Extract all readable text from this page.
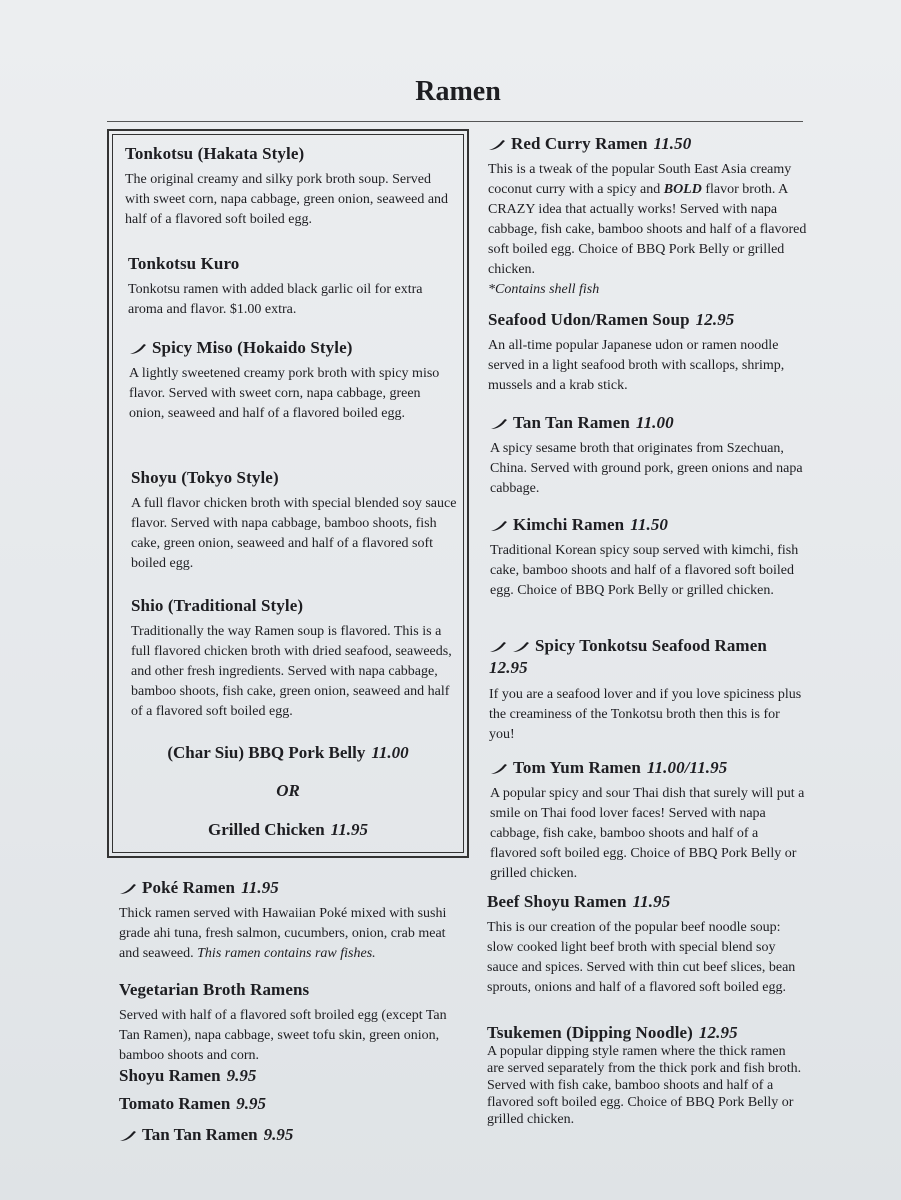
Ramen
Tonkotsu (Hakata Style)

The original creamy and silky pork broth soup. Served with sweet corn, napa cabbage, green onion, seaweed and half of a flavored soft boiled egg.

Tonkotsu Kuro

Tonkotsu ramen with added black garlic oil for extra aroma and flavor. $1.00 extra.

Spicy Miso (Hokaido Style)

A lightly sweetened creamy pork broth with spicy miso flavor. Served with sweet corn, napa cabbage, green onion, seaweed and half of a flavored boiled egg.

Shoyu (Tokyo Style)

A full flavor chicken broth with special blended soy sauce flavor. Served with napa cabbage, bamboo shoots, fish cake, green onion, seaweed and half of a flavored soft boiled egg.

Shio (Traditional Style)

Traditionally the way Ramen soup is flavored. This is a full flavored chicken broth with dried seafood, seaweeds, and other fresh ingredients. Served with napa cabbage, bamboo shoots, fish cake, green onion, seaweed and half of a flavored soft boiled egg.

(Char Siu) BBQ Pork Belly 11.00
OR
Grilled Chicken 11.95
Poké Ramen 11.95

Thick ramen served with Hawaiian Poké mixed with sushi grade ahi tuna, fresh salmon, cucumbers, onion, crab meat and seaweed. This ramen contains raw fishes.

Vegetarian Broth Ramens

Served with half of a flavored soft broiled egg (except Tan Tan Ramen), napa cabbage, sweet tofu skin, green onion, bamboo shoots and corn.

Shoyu Ramen 9.95
Tomato Ramen 9.95
Tan Tan Ramen 9.95
Red Curry Ramen 11.50

This is a tweak of the popular South East Asia creamy coconut curry with a spicy and BOLD flavor broth. A CRAZY idea that actually works! Served with napa cabbage, fish cake, bamboo shoots and half of a flavored soft boiled egg. Choice of BBQ Pork Belly or grilled chicken.
*Contains shell fish

Seafood Udon/Ramen Soup 12.95

An all-time popular Japanese udon or ramen noodle served in a light seafood broth with scallops, shrimp, mussels and a krab stick.

Tan Tan Ramen 11.00

A spicy sesame broth that originates from Szechuan, China. Served with ground pork, green onions and napa cabbage.

Kimchi Ramen 11.50

Traditional Korean spicy soup served with kimchi, fish cake, bamboo shoots and half of a flavored soft boiled egg. Choice of BBQ Pork Belly or grilled chicken.

Spicy Tonkotsu Seafood Ramen
12.95

If you are a seafood lover and if you love spiciness plus the creaminess of the Tonkotsu broth then this is for you!

Tom Yum Ramen 11.00/11.95

A popular spicy and sour Thai dish that surely will put a smile on Thai food lover faces! Served with napa cabbage, fish cake, bamboo shoots and half of a flavored soft boiled egg. Choice of BBQ Pork Belly or grilled chicken.

Beef Shoyu Ramen 11.95

This is our creation of the popular beef noodle soup: slow cooked light beef broth with special blend soy sauce and spices. Served with thin cut beef slices, bean sprouts, onions and half of a flavored soft boiled egg.

Tsukemen (Dipping Noodle) 12.95

A popular dipping style ramen where the thick ramen are served separately from the thick pork and fish broth. Served with fish cake, bamboo shoots and half of a flavored soft boiled egg. Choice of BBQ Pork Belly or grilled chicken.
